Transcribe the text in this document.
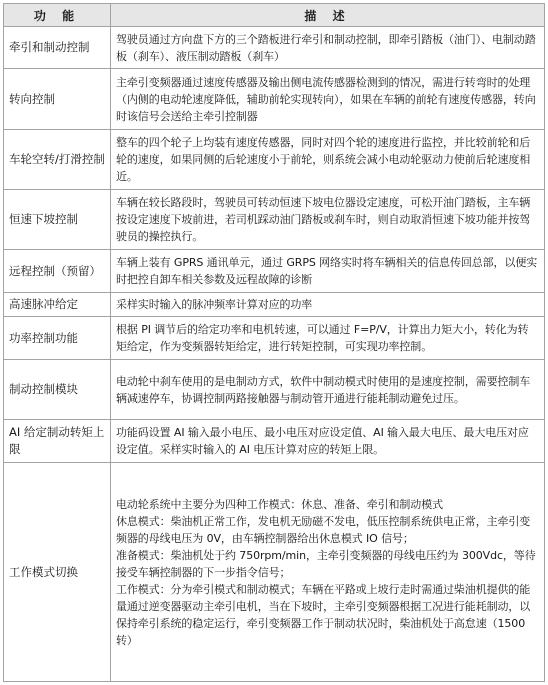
功 能	描 述
牵引和制动控制	驾驶员通过方向盘下方的三个踏板进行牵引和制动控制，即牵引踏板（油门）、电制动踏板（刹车）、液压制动踏板（刹车）
转向控制	主牵引变频器通过速度传感器及输出侧电流传感器检测到的情况，需进行转弯时的处理（内侧的电动轮速度降低，辅助前轮实现转向），如果在车辆的前轮有速度传感器，转向时该信号会送给主牵引控制器
车轮空转/打滑控制	整车的四个轮子上均装有速度传感器，同时对四个轮的速度进行监控，并比较前轮和后轮的速度，如果同侧的后轮速度小于前轮，则系统会减小电动轮驱动力使前后轮速度相近。
恒速下坡控制	车辆在较长路段时，驾驶员可转动恒速下坡电位器设定速度，可松开油门踏板，主车辆按设定速度下坡前进，若司机踩动油门踏板或刹车时，则自动取消恒速下坡功能并按驾驶员的操控执行。
远程控制（预留）	车辆上装有 GPRS 通讯单元，通过 GRPS 网络实时将车辆相关的信息传回总部，以便实时把控自卸车相关参数及远程故障的诊断
高速脉冲给定	采样实时输入的脉冲频率计算对应的功率
功率控制功能	根据 PI 调节后的给定功率和电机转速，可以通过 F=P/V，计算出力矩大小，转化为转矩给定，作为变频器转矩给定，进行转矩控制，可实现功率控制。
制动控制模块	电动轮中刹车使用的是电制动方式，软件中制动模式时使用的是速度控制，需要控制车辆减速停车，协调控制两路接触器与制动管开通进行能耗制动避免过压。
AI 给定制动转矩上限	功能码设置 AI 输入最小电压、最小电压对应设定值、AI 输入最大电压、最大电压对应设定值。采样实时输入的 AI 电压计算对应的转矩上限。
工作模式切换	电动轮系统中主要分为四种工作模式：休息、准备、牵引和制动模式
休息模式：柴油机正常工作，发电机无励磁不发电，低压控制系统供电正常，主牵引变频器的母线电压为 0V，由车辆控制器给出休息模式 IO 信号；
准备模式：柴油机处于约 750rpm/min，主牵引变频器的母线电压约为 300Vdc，等待接受车辆控制器的下一步指令信号；
工作模式：分为牵引模式和制动模式；车辆在平路或上坡行走时需通过柴油机提供的能量通过逆变器驱动主牵引电机，当在下坡时，主牵引变频器根据工况进行能耗制动，以保持牵引系统的稳定运行，牵引变频器工作于制动状况时，柴油机处于高怠速（1500 转）
